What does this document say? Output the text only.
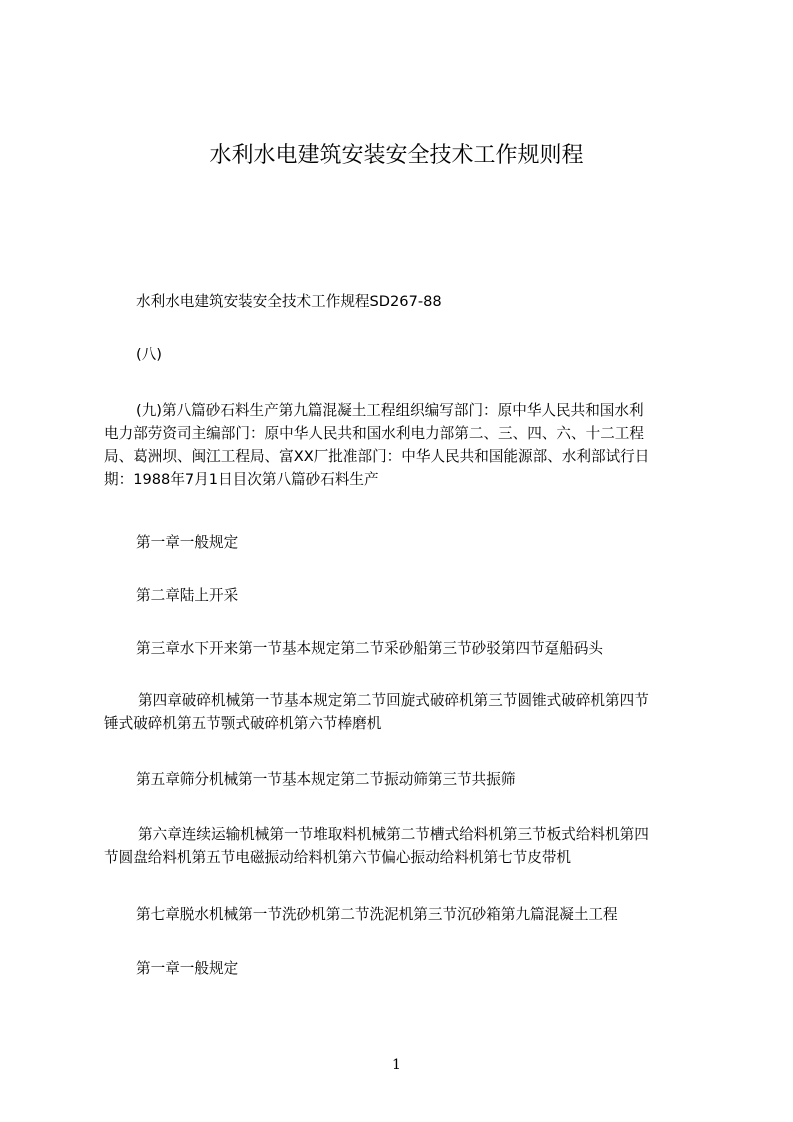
水利水电建筑安装安全技术工作规则程
水利水电建筑安装安全技术工作规程SD267-88
(八)
(九)第八篇砂石料生产第九篇混凝土工程组织编写部门：原中华人民共和国水利
电力部劳资司主编部门：原中华人民共和国水利电力部第二、三、四、六、十二工程
局、葛洲坝、闽江工程局、富XX厂批准部门：中华人民共和国能源部、水利部试行日
期：1988年7月1日目次第八篇砂石料生产
第一章一般规定
第二章陆上开采
第三章水下开来第一节基本规定第二节采砂船第三节砂驳第四节趸船码头
第四章破碎机械第一节基本规定第二节回旋式破碎机第三节圆锥式破碎机第四节
锤式破碎机第五节颚式破碎机第六节棒磨机
第五章筛分机械第一节基本规定第二节振动筛第三节共振筛
第六章连续运输机械第一节堆取料机械第二节槽式给料机第三节板式给料机第四
节圆盘给料机第五节电磁振动给料机第六节偏心振动给料机第七节皮带机
第七章脱水机械第一节洗砂机第二节洗泥机第三节沉砂箱第九篇混凝土工程
第一章一般规定
1
